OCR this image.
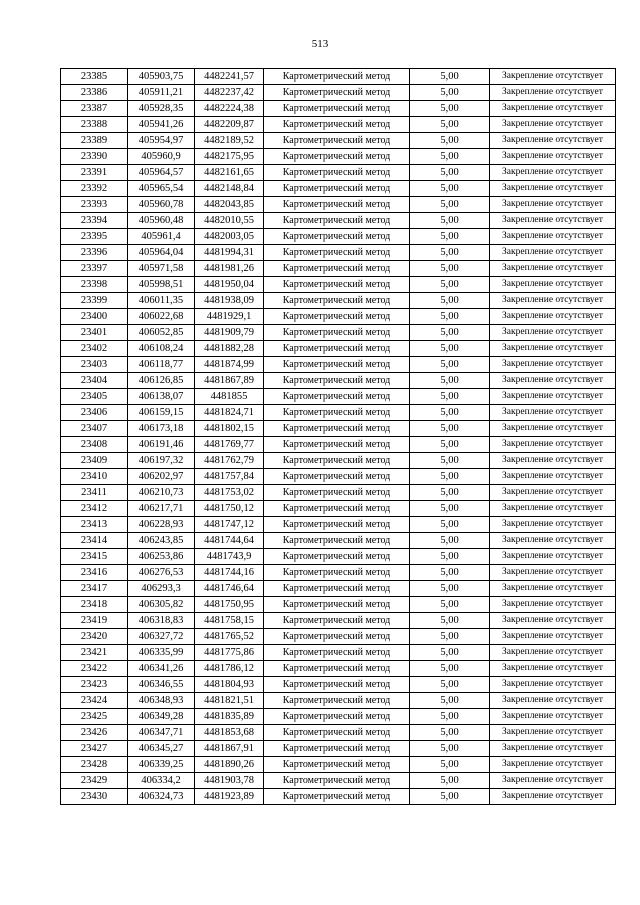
513
23385	405903,75	4482241,57	Картометрический метод	5,00	Закрепление отсутствует
23386	405911,21	4482237,42	Картометрический метод	5,00	Закрепление отсутствует
23387	405928,35	4482224,38	Картометрический метод	5,00	Закрепление отсутствует
23388	405941,26	4482209,87	Картометрический метод	5,00	Закрепление отсутствует
23389	405954,97	4482189,52	Картометрический метод	5,00	Закрепление отсутствует
23390	405960,9	4482175,95	Картометрический метод	5,00	Закрепление отсутствует
23391	405964,57	4482161,65	Картометрический метод	5,00	Закрепление отсутствует
23392	405965,54	4482148,84	Картометрический метод	5,00	Закрепление отсутствует
23393	405960,78	4482043,85	Картометрический метод	5,00	Закрепление отсутствует
23394	405960,48	4482010,55	Картометрический метод	5,00	Закрепление отсутствует
23395	405961,4	4482003,05	Картометрический метод	5,00	Закрепление отсутствует
23396	405964,04	4481994,31	Картометрический метод	5,00	Закрепление отсутствует
23397	405971,58	4481981,26	Картометрический метод	5,00	Закрепление отсутствует
23398	405998,51	4481950,04	Картометрический метод	5,00	Закрепление отсутствует
23399	406011,35	4481938,09	Картометрический метод	5,00	Закрепление отсутствует
23400	406022,68	4481929,1	Картометрический метод	5,00	Закрепление отсутствует
23401	406052,85	4481909,79	Картометрический метод	5,00	Закрепление отсутствует
23402	406108,24	4481882,28	Картометрический метод	5,00	Закрепление отсутствует
23403	406118,77	4481874,99	Картометрический метод	5,00	Закрепление отсутствует
23404	406126,85	4481867,89	Картометрический метод	5,00	Закрепление отсутствует
23405	406138,07	4481855	Картометрический метод	5,00	Закрепление отсутствует
23406	406159,15	4481824,71	Картометрический метод	5,00	Закрепление отсутствует
23407	406173,18	4481802,15	Картометрический метод	5,00	Закрепление отсутствует
23408	406191,46	4481769,77	Картометрический метод	5,00	Закрепление отсутствует
23409	406197,32	4481762,79	Картометрический метод	5,00	Закрепление отсутствует
23410	406202,97	4481757,84	Картометрический метод	5,00	Закрепление отсутствует
23411	406210,73	4481753,02	Картометрический метод	5,00	Закрепление отсутствует
23412	406217,71	4481750,12	Картометрический метод	5,00	Закрепление отсутствует
23413	406228,93	4481747,12	Картометрический метод	5,00	Закрепление отсутствует
23414	406243,85	4481744,64	Картометрический метод	5,00	Закрепление отсутствует
23415	406253,86	4481743,9	Картометрический метод	5,00	Закрепление отсутствует
23416	406276,53	4481744,16	Картометрический метод	5,00	Закрепление отсутствует
23417	406293,3	4481746,64	Картометрический метод	5,00	Закрепление отсутствует
23418	406305,82	4481750,95	Картометрический метод	5,00	Закрепление отсутствует
23419	406318,83	4481758,15	Картометрический метод	5,00	Закрепление отсутствует
23420	406327,72	4481765,52	Картометрический метод	5,00	Закрепление отсутствует
23421	406335,99	4481775,86	Картометрический метод	5,00	Закрепление отсутствует
23422	406341,26	4481786,12	Картометрический метод	5,00	Закрепление отсутствует
23423	406346,55	4481804,93	Картометрический метод	5,00	Закрепление отсутствует
23424	406348,93	4481821,51	Картометрический метод	5,00	Закрепление отсутствует
23425	406349,28	4481835,89	Картометрический метод	5,00	Закрепление отсутствует
23426	406347,71	4481853,68	Картометрический метод	5,00	Закрепление отсутствует
23427	406345,27	4481867,91	Картометрический метод	5,00	Закрепление отсутствует
23428	406339,25	4481890,26	Картометрический метод	5,00	Закрепление отсутствует
23429	406334,2	4481903,78	Картометрический метод	5,00	Закрепление отсутствует
23430	406324,73	4481923,89	Картометрический метод	5,00	Закрепление отсутствует
